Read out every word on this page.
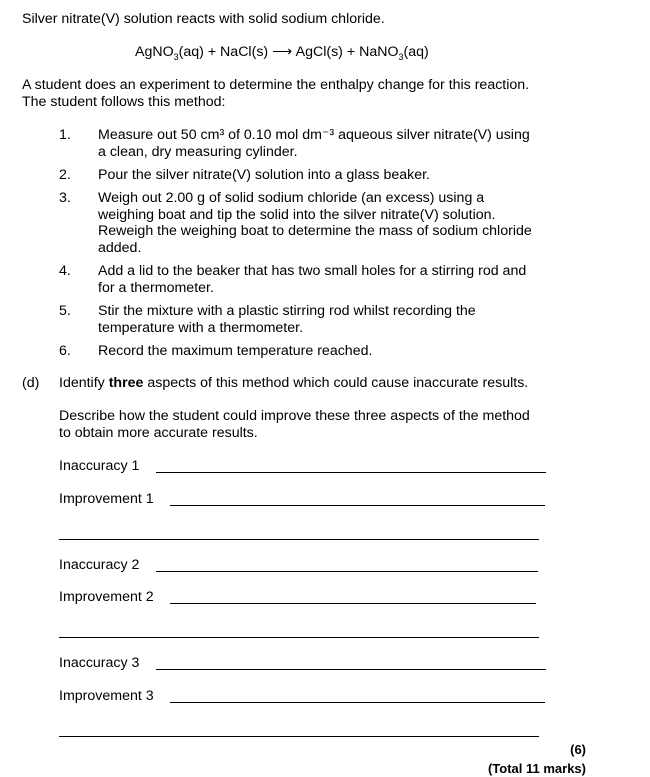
Silver nitrate(V) solution reacts with solid sodium chloride.
AgNO$_3$(aq) + NaCl(s) ⟶ AgCl(s) + NaNO$_3$(aq)
A student does an experiment to determine the enthalpy change for this reaction.
The student follows this method:
1. Measure out 50 cm³ of 0.10 mol dm⁻³ aqueous silver nitrate(V) using
a clean, dry measuring cylinder.
2. Pour the silver nitrate(V) solution into a glass beaker.
3. Weigh out 2.00 g of solid sodium chloride (an excess) using a
weighing boat and tip the solid into the silver nitrate(V) solution.
Reweigh the weighing boat to determine the mass of sodium chloride
added.
4. Add a lid to the beaker that has two small holes for a stirring rod and
for a thermometer.
5. Stir the mixture with a plastic stirring rod whilst recording the
temperature with a thermometer.
6. Record the maximum temperature reached.
(d) Identify three aspects of this method which could cause inaccurate results.
Describe how the student could improve these three aspects of the method
to obtain more accurate results.
Inaccuracy 1
Improvement 1
Inaccuracy 2
Improvement 2
Inaccuracy 3
Improvement 3
(6)
(Total 11 marks)
